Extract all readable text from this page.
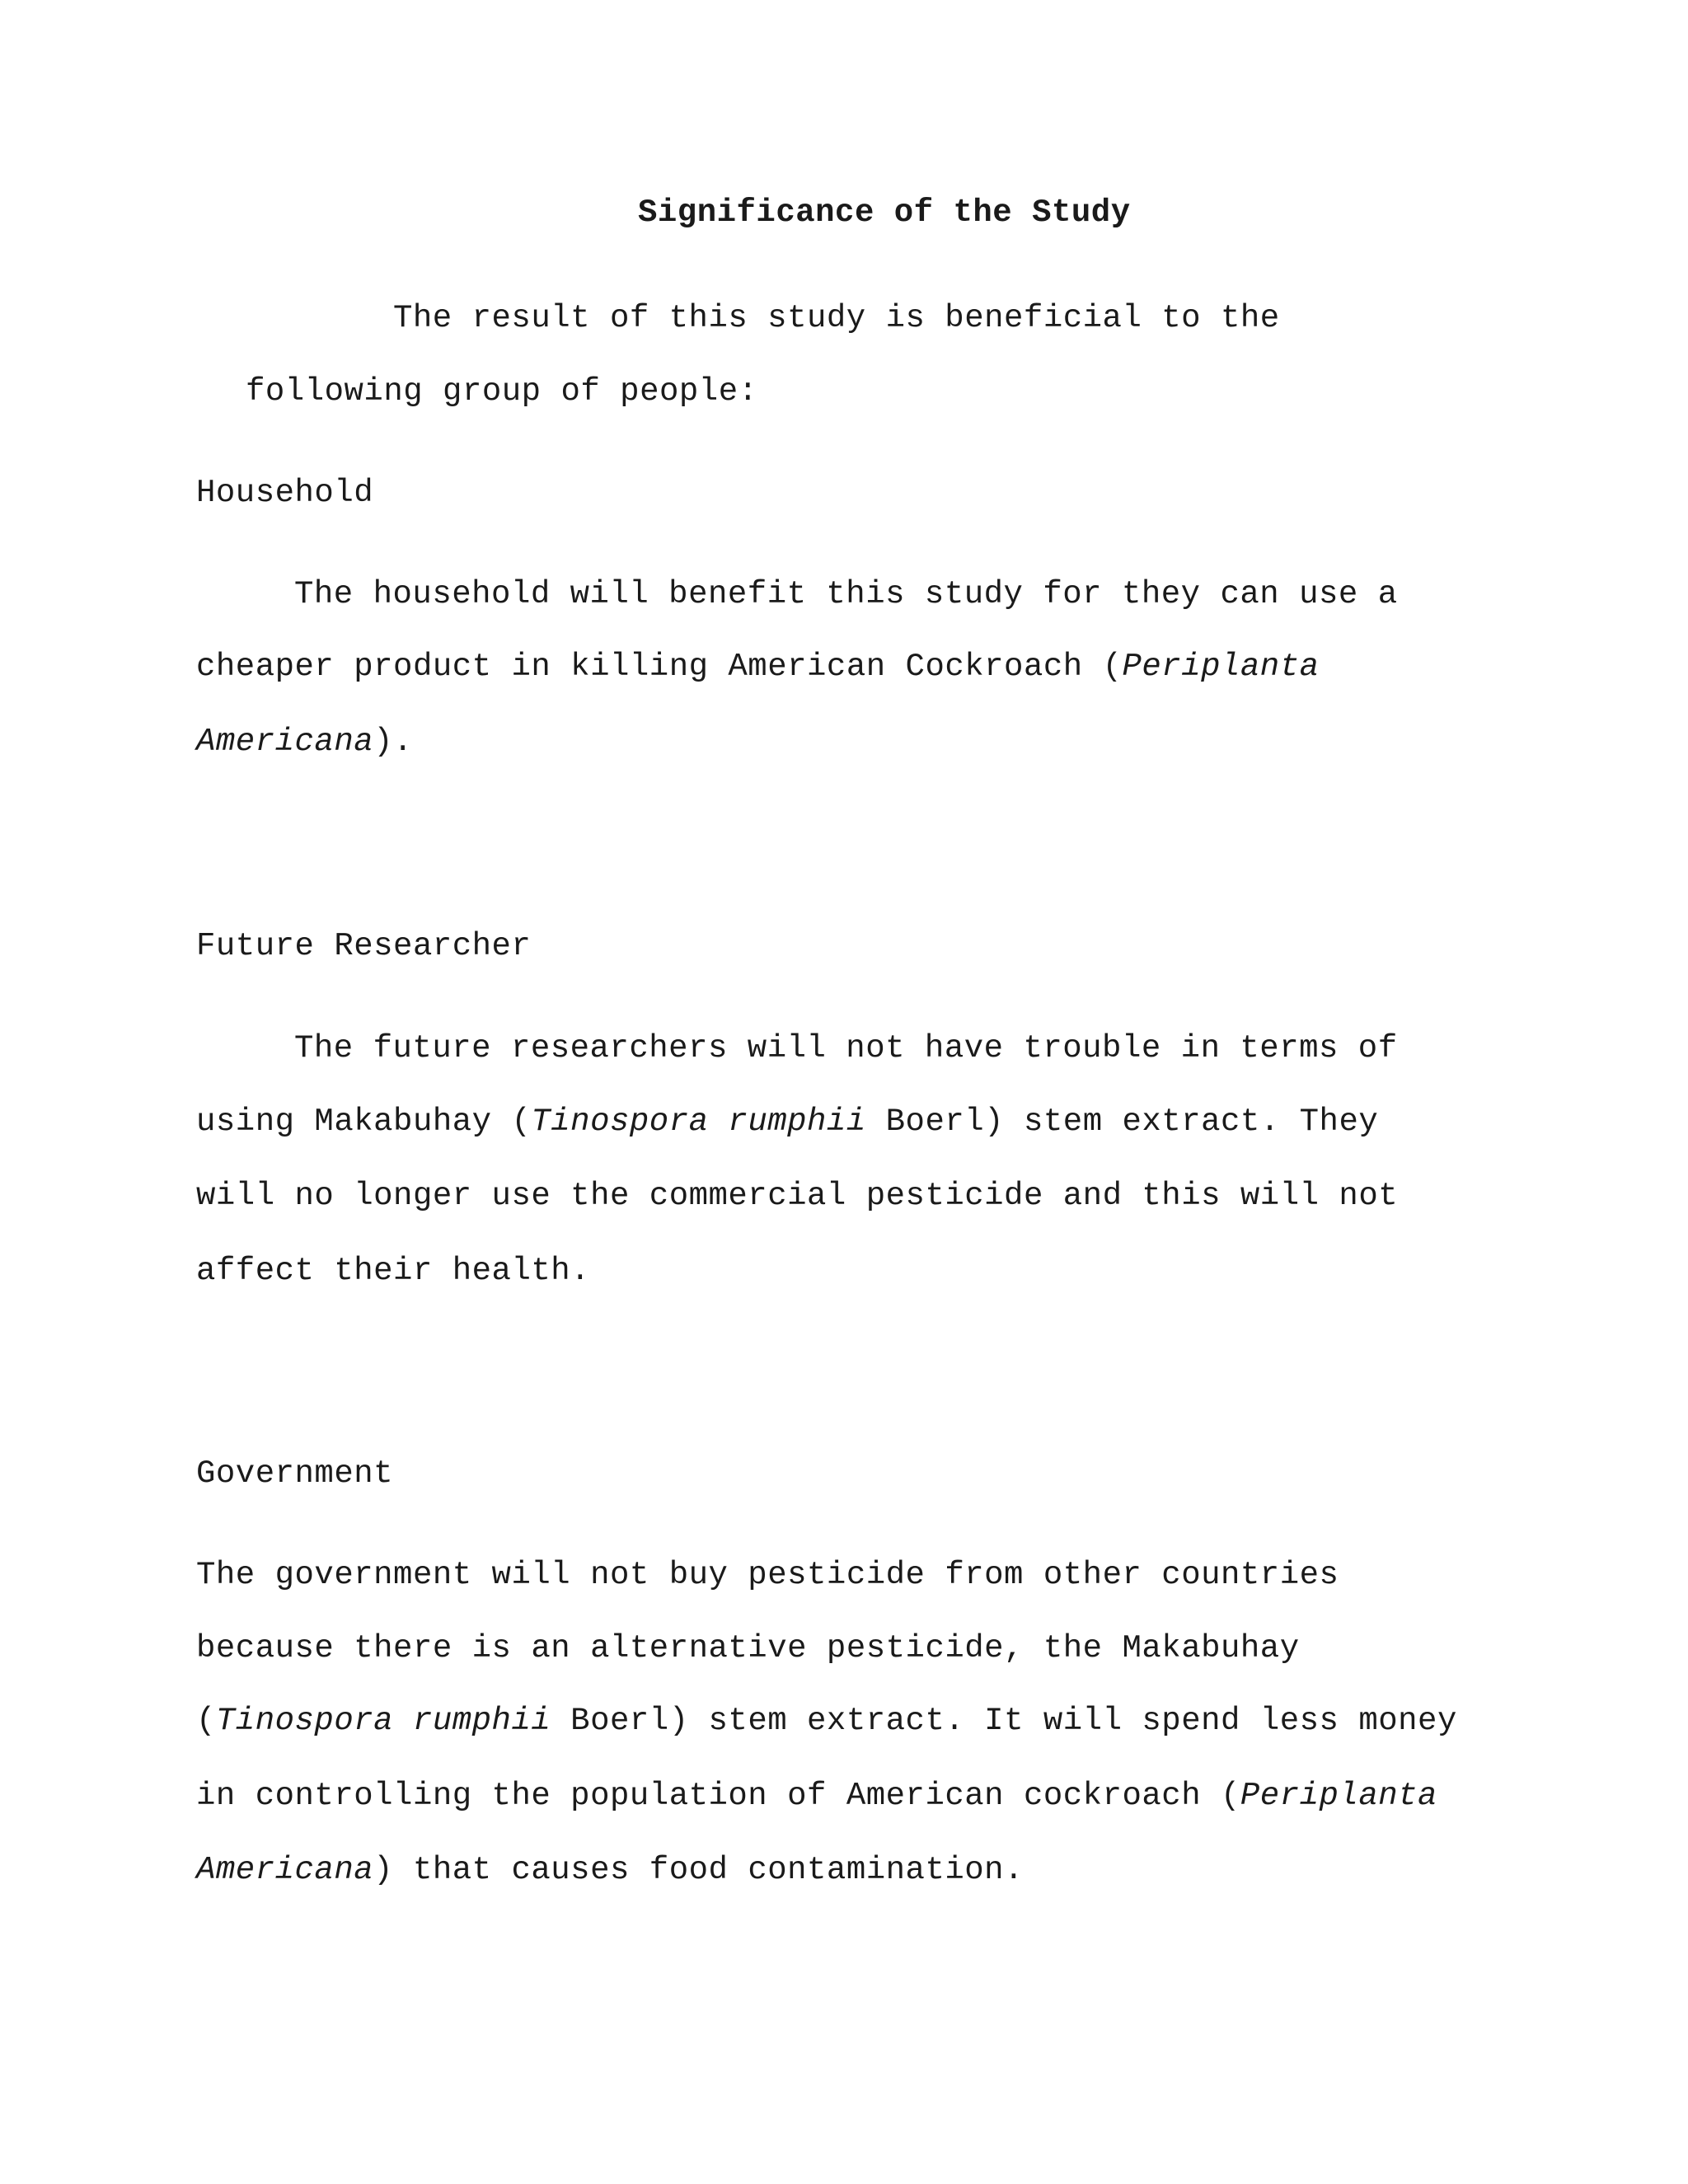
Significance of the Study
The result of this study is beneficial to the
following group of people:
Household
The household will benefit this study for they can use a
cheaper product in killing American Cockroach (Periplanta
Americana).
Future Researcher
The future researchers will not have trouble in terms of
using Makabuhay (Tinospora rumphii Boerl) stem extract. They
will no longer use the commercial pesticide and this will not
affect their health.
Government
The government will not buy pesticide from other countries
because there is an alternative pesticide, the Makabuhay
(Tinospora rumphii Boerl) stem extract. It will spend less money
in controlling the population of American cockroach (Periplanta
Americana) that causes food contamination.
